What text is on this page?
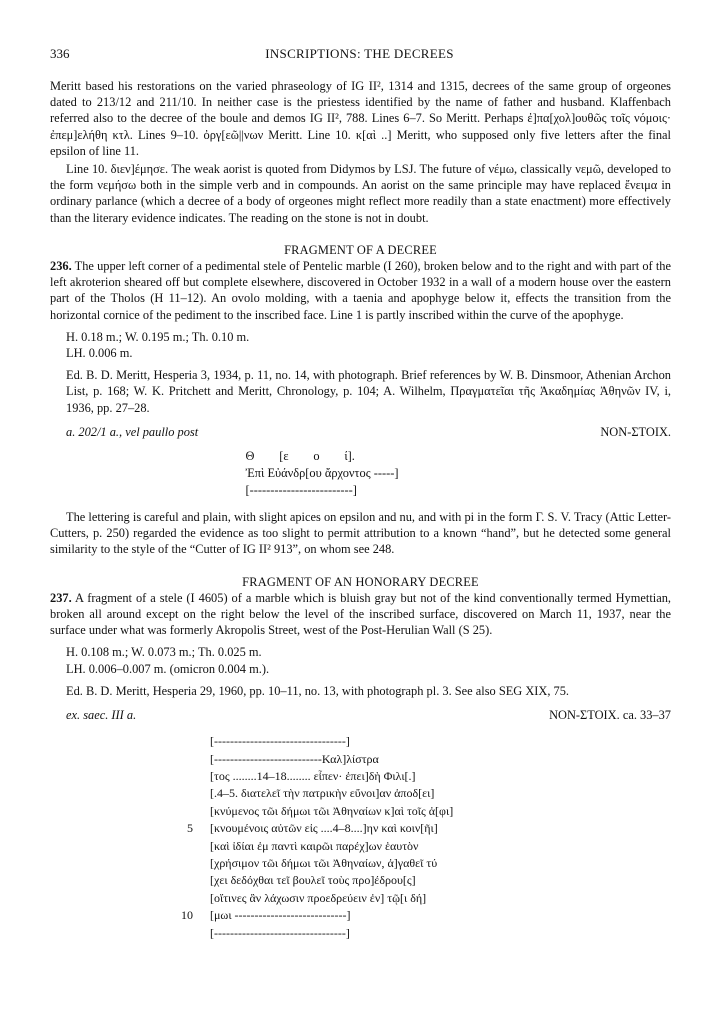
336	INSCRIPTIONS: THE DECREES

Meritt based his restorations on the varied phraseology of IG II², 1314 and 1315, decrees of the same group of orgeones dated to 213/12 and 211/10. In neither case is the priestess identified by the name of father and husband. Klaffenbach referred also to the decree of the boule and demos IG II², 788. Lines 6–7. So Meritt. Perhaps ἐ]πα[χολ]ουθῶς τοῖς νόμοις· ἐπεμ]ελήθη κτλ. Lines 9–10. ὀργ[εῶ||νων Meritt. Line 10. κ[αὶ ..] Meritt, who supposed only five letters after the final epsilon of line 11.

Line 10. διεν]έμησε. The weak aorist is quoted from Didymos by LSJ. The future of νέμω, classically νεμῶ, developed to the form νεμήσω both in the simple verb and in compounds. An aorist on the same principle may have replaced ἔνειμα in ordinary parlance (which a decree of a body of orgeones might reflect more readily than a state enactment) more effectively than the literary evidence indicates. The reading on the stone is not in doubt.

FRAGMENT OF A DECREE

236. The upper left corner of a pedimental stele of Pentelic marble (I 260), broken below and to the right and with part of the left akroterion sheared off but complete elsewhere, discovered in October 1932 in a wall of a modern house over the eastern part of the Tholos (H 11–12). An ovolo molding, with a taenia and apophyge below it, effects the transition from the horizontal cornice of the pediment to the inscribed face. Line 1 is partly inscribed within the curve of the apophyge.

H. 0.18 m.; W. 0.195 m.; Th. 0.10 m.

LH. 0.006 m.

Ed. B. D. Meritt, Hesperia 3, 1934, p. 11, no. 14, with photograph. Brief references by W. B. Dinsmoor, Athenian Archon List, p. 168; W. K. Pritchett and Meritt, Chronology, p. 104; A. Wilhelm, Πραγματεῖαι τῆς Ἀκαδημίας Ἀθηνῶν IV, i, 1936, pp. 27–28.

a. 202/1 a., vel paullo post	NON-ΣΤΟΙΧ.
Θ        [ε        ο        ί].
Ἐπὶ Εὐάνδρ[ου ἄρχοντος -----]
[-------------------------]

The lettering is careful and plain, with slight apices on epsilon and nu, and with pi in the form Γ. S. V. Tracy (Attic Letter-Cutters, p. 250) regarded the evidence as too slight to permit attribution to a known “hand”, but he detected some general similarity to the style of the “Cutter of IG II² 913”, on whom see 248.

FRAGMENT OF AN HONORARY DECREE

237. A fragment of a stele (I 4605) of a marble which is bluish gray but not of the kind conventionally termed Hymettian, broken all around except on the right below the level of the inscribed surface, discovered on March 11, 1937, near the surface under what was formerly Akropolis Street, west of the Post-Herulian Wall (S 25).

H. 0.108 m.; W. 0.073 m.; Th. 0.025 m.

LH. 0.006–0.007 m. (omicron 0.004 m.).

Ed. B. D. Meritt, Hesperia 29, 1960, pp. 10–11, no. 13, with photograph pl. 3. See also SEG XIX, 75.

ex. saec. III a.	NON-ΣΤΟΙΧ. ca. 33–37
[---------------------------------]
[---------------------------Καλ]λίστρα
[τος ........14–18........ εἶπεν· ἐπει]δὴ Φιλι[.]
[.4–5. διατελεῖ τὴν πατρικὴν εὔνοι]αν ἀποδ[ει]
[κνύμενος τῶι δήμωι τῶι Ἀθηναίων κ]αὶ τοῖς ἀ[φι]
5 [κνουμένοις αὐτῶν εἰς ....4–8....]ην καὶ κοιν[ῆι]
[καὶ ἰδίαι ἐμ παντὶ καιρῶι παρέχ]ων ἑαυτὸν
[χρήσιμον τῶι δήμωι τῶι Ἀθηναίων, ἀ]γαθεῖ τύ
[χει δεδόχθαι τεῖ βουλεῖ τοὺς προ]έδρου[ς]
[οἵτινες ἂν λάχωσιν προεδρεύειν ἐν] τῷ[ι δή]
10 [μωι ----------------------------]
[---------------------------------]
